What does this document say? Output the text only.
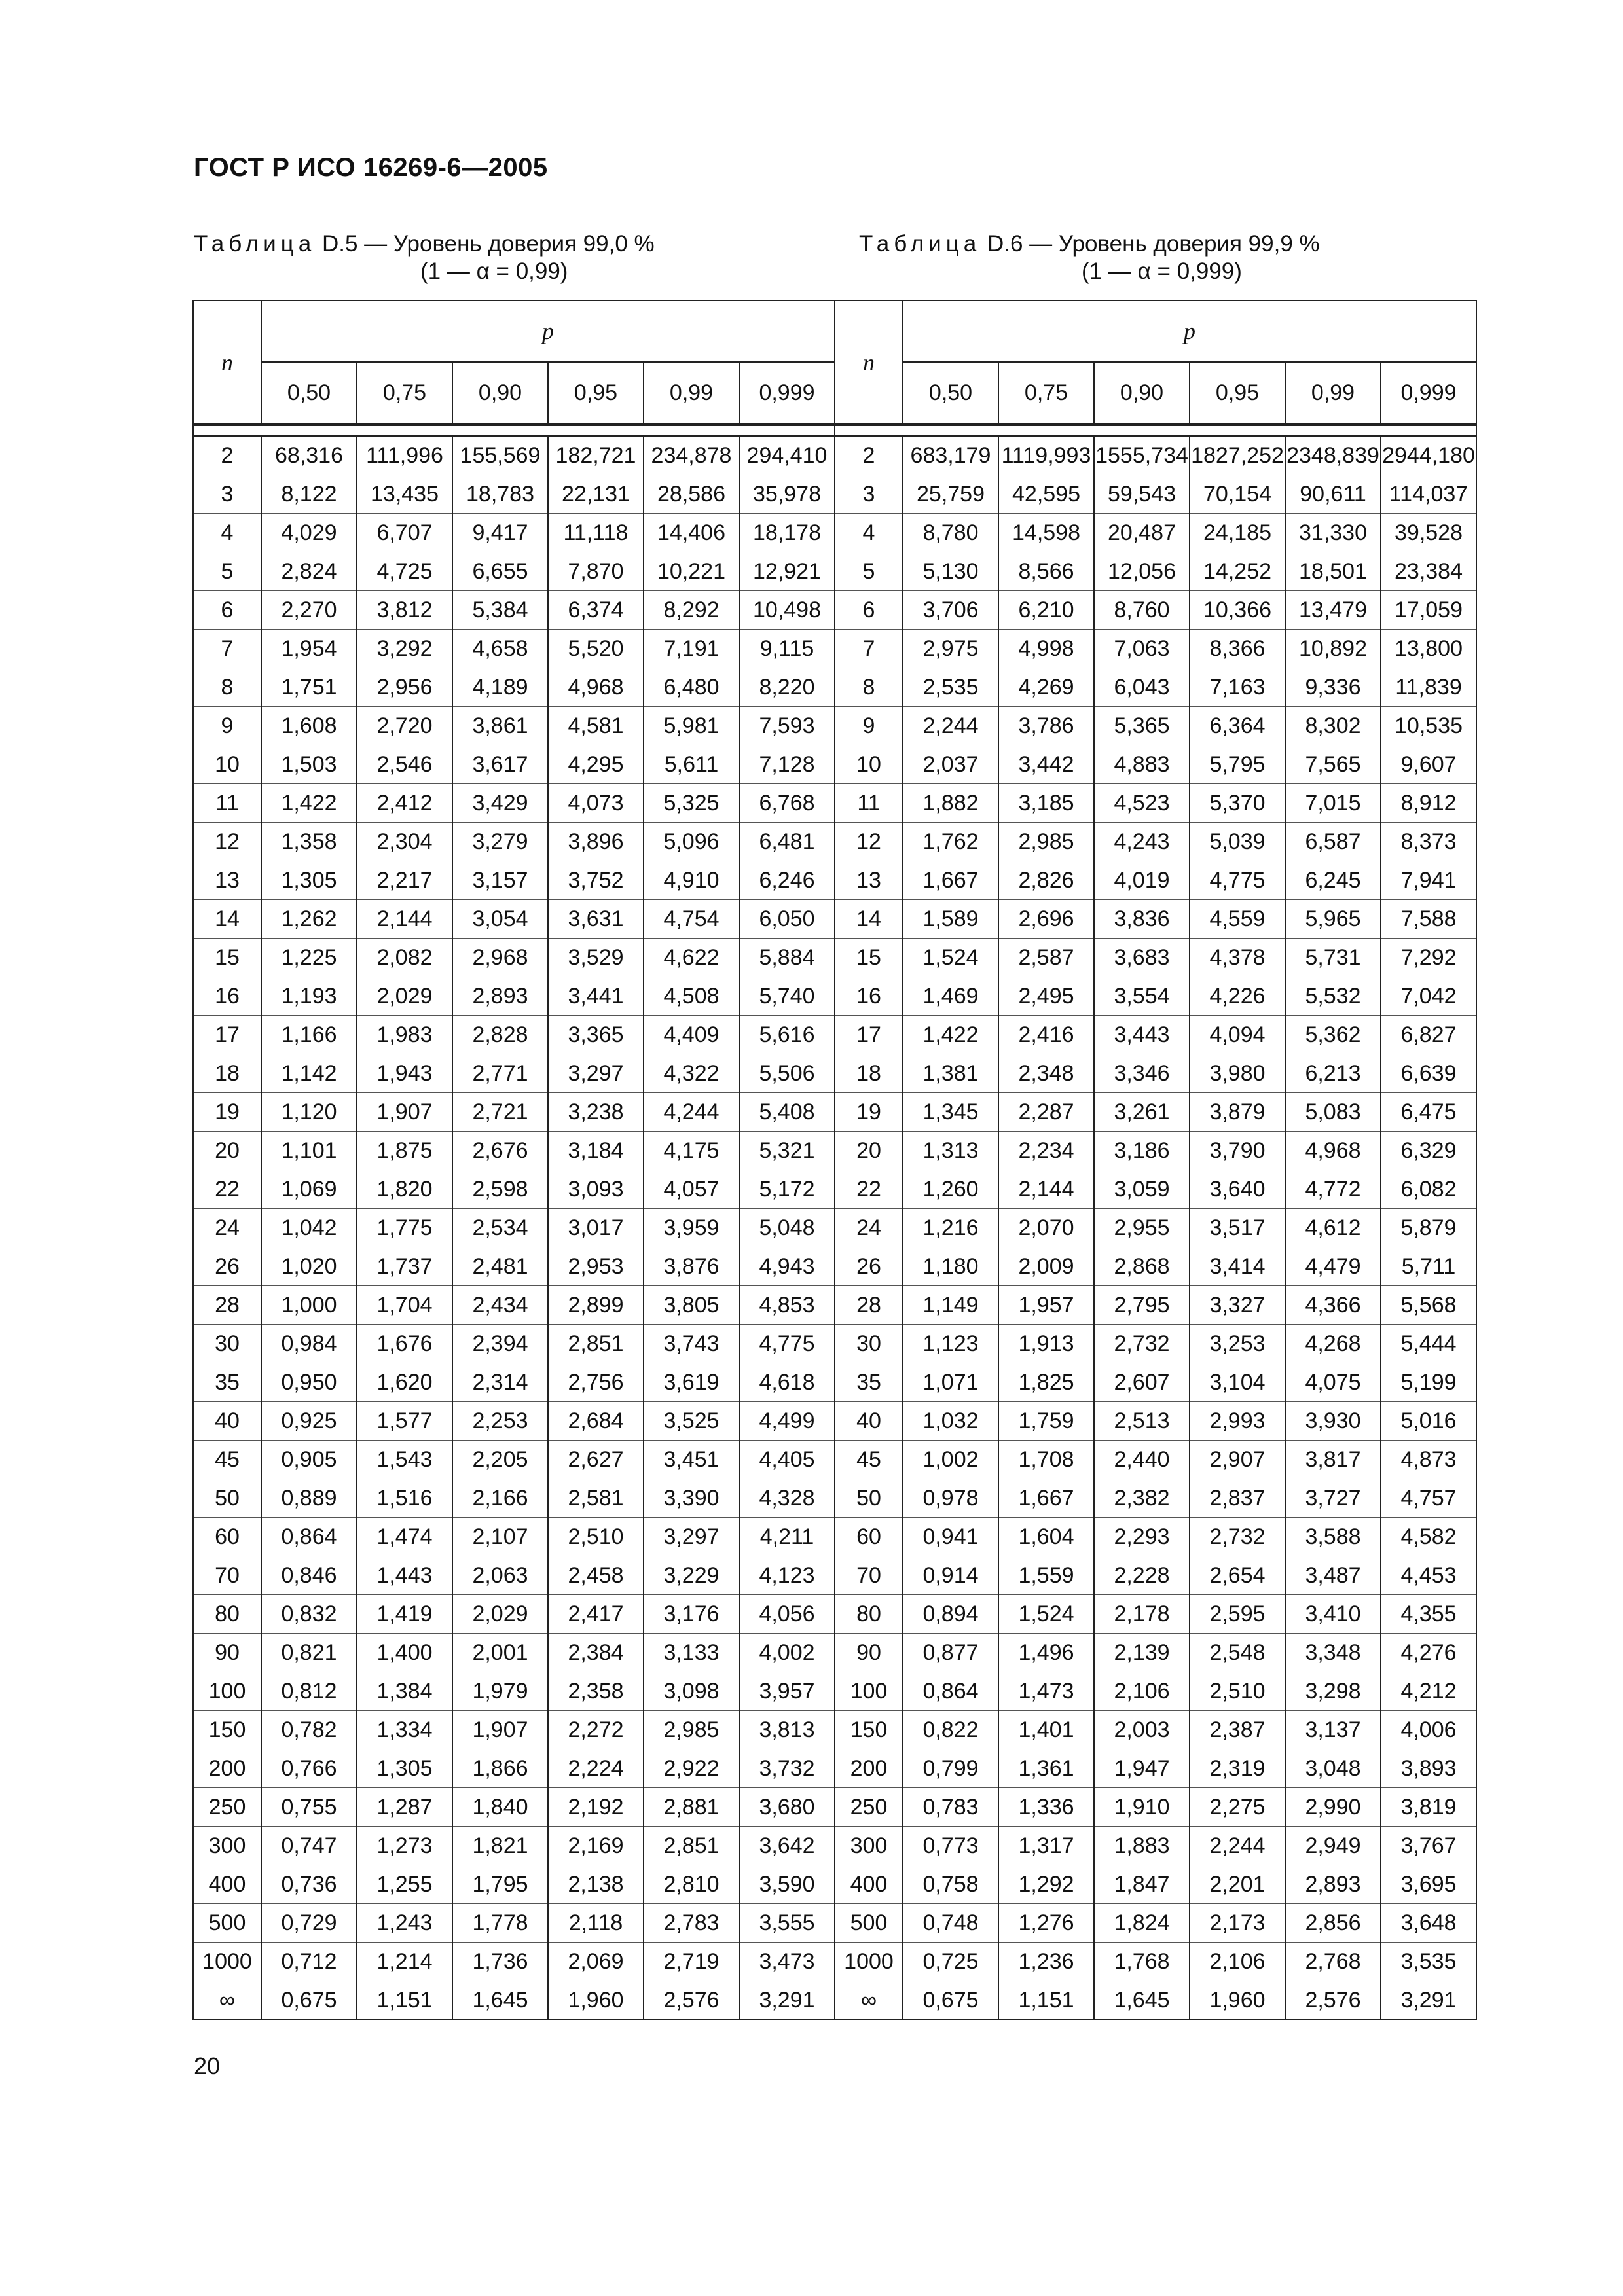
ГОСТ Р ИСО 16269-6—2005
Таблица D.5 — Уровень доверия 99,0 %
(1 — α = 0,99)
Таблица D.6 — Уровень доверия 99,9 %
(1 — α = 0,999)
n	p					
	0,50	0,75	0,90	0,95	0,99	0,999

2	68,316	111,996	155,569	182,721	234,878	294,410
3	8,122	13,435	18,783	22,131	28,586	35,978
4	4,029	6,707	9,417	11,118	14,406	18,178
5	2,824	4,725	6,655	7,870	10,221	12,921
6	2,270	3,812	5,384	6,374	8,292	10,498
7	1,954	3,292	4,658	5,520	7,191	9,115
8	1,751	2,956	4,189	4,968	6,480	8,220
9	1,608	2,720	3,861	4,581	5,981	7,593
10	1,503	2,546	3,617	4,295	5,611	7,128
11	1,422	2,412	3,429	4,073	5,325	6,768
12	1,358	2,304	3,279	3,896	5,096	6,481
13	1,305	2,217	3,157	3,752	4,910	6,246
14	1,262	2,144	3,054	3,631	4,754	6,050
15	1,225	2,082	2,968	3,529	4,622	5,884
16	1,193	2,029	2,893	3,441	4,508	5,740
17	1,166	1,983	2,828	3,365	4,409	5,616
18	1,142	1,943	2,771	3,297	4,322	5,506
19	1,120	1,907	2,721	3,238	4,244	5,408
20	1,101	1,875	2,676	3,184	4,175	5,321
22	1,069	1,820	2,598	3,093	4,057	5,172
24	1,042	1,775	2,534	3,017	3,959	5,048
26	1,020	1,737	2,481	2,953	3,876	4,943
28	1,000	1,704	2,434	2,899	3,805	4,853
30	0,984	1,676	2,394	2,851	3,743	4,775
35	0,950	1,620	2,314	2,756	3,619	4,618
40	0,925	1,577	2,253	2,684	3,525	4,499
45	0,905	1,543	2,205	2,627	3,451	4,405
50	0,889	1,516	2,166	2,581	3,390	4,328
60	0,864	1,474	2,107	2,510	3,297	4,211
70	0,846	1,443	2,063	2,458	3,229	4,123
80	0,832	1,419	2,029	2,417	3,176	4,056
90	0,821	1,400	2,001	2,384	3,133	4,002
100	0,812	1,384	1,979	2,358	3,098	3,957
150	0,782	1,334	1,907	2,272	2,985	3,813
200	0,766	1,305	1,866	2,224	2,922	3,732
250	0,755	1,287	1,840	2,192	2,881	3,680
300	0,747	1,273	1,821	2,169	2,851	3,642
400	0,736	1,255	1,795	2,138	2,810	3,590
500	0,729	1,243	1,778	2,118	2,783	3,555
1000	0,712	1,214	1,736	2,069	2,719	3,473
∞	0,675	1,151	1,645	1,960	2,576	3,291
n	p					
	0,50	0,75	0,90	0,95	0,99	0,999

2	683,179	1119,993	1555,734	1827,252	2348,839	2944,180
3	25,759	42,595	59,543	70,154	90,611	114,037
4	8,780	14,598	20,487	24,185	31,330	39,528
5	5,130	8,566	12,056	14,252	18,501	23,384
6	3,706	6,210	8,760	10,366	13,479	17,059
7	2,975	4,998	7,063	8,366	10,892	13,800
8	2,535	4,269	6,043	7,163	9,336	11,839
9	2,244	3,786	5,365	6,364	8,302	10,535
10	2,037	3,442	4,883	5,795	7,565	9,607
11	1,882	3,185	4,523	5,370	7,015	8,912
12	1,762	2,985	4,243	5,039	6,587	8,373
13	1,667	2,826	4,019	4,775	6,245	7,941
14	1,589	2,696	3,836	4,559	5,965	7,588
15	1,524	2,587	3,683	4,378	5,731	7,292
16	1,469	2,495	3,554	4,226	5,532	7,042
17	1,422	2,416	3,443	4,094	5,362	6,827
18	1,381	2,348	3,346	3,980	6,213	6,639
19	1,345	2,287	3,261	3,879	5,083	6,475
20	1,313	2,234	3,186	3,790	4,968	6,329
22	1,260	2,144	3,059	3,640	4,772	6,082
24	1,216	2,070	2,955	3,517	4,612	5,879
26	1,180	2,009	2,868	3,414	4,479	5,711
28	1,149	1,957	2,795	3,327	4,366	5,568
30	1,123	1,913	2,732	3,253	4,268	5,444
35	1,071	1,825	2,607	3,104	4,075	5,199
40	1,032	1,759	2,513	2,993	3,930	5,016
45	1,002	1,708	2,440	2,907	3,817	4,873
50	0,978	1,667	2,382	2,837	3,727	4,757
60	0,941	1,604	2,293	2,732	3,588	4,582
70	0,914	1,559	2,228	2,654	3,487	4,453
80	0,894	1,524	2,178	2,595	3,410	4,355
90	0,877	1,496	2,139	2,548	3,348	4,276
100	0,864	1,473	2,106	2,510	3,298	4,212
150	0,822	1,401	2,003	2,387	3,137	4,006
200	0,799	1,361	1,947	2,319	3,048	3,893
250	0,783	1,336	1,910	2,275	2,990	3,819
300	0,773	1,317	1,883	2,244	2,949	3,767
400	0,758	1,292	1,847	2,201	2,893	3,695
500	0,748	1,276	1,824	2,173	2,856	3,648
1000	0,725	1,236	1,768	2,106	2,768	3,535
∞	0,675	1,151	1,645	1,960	2,576	3,291
20
